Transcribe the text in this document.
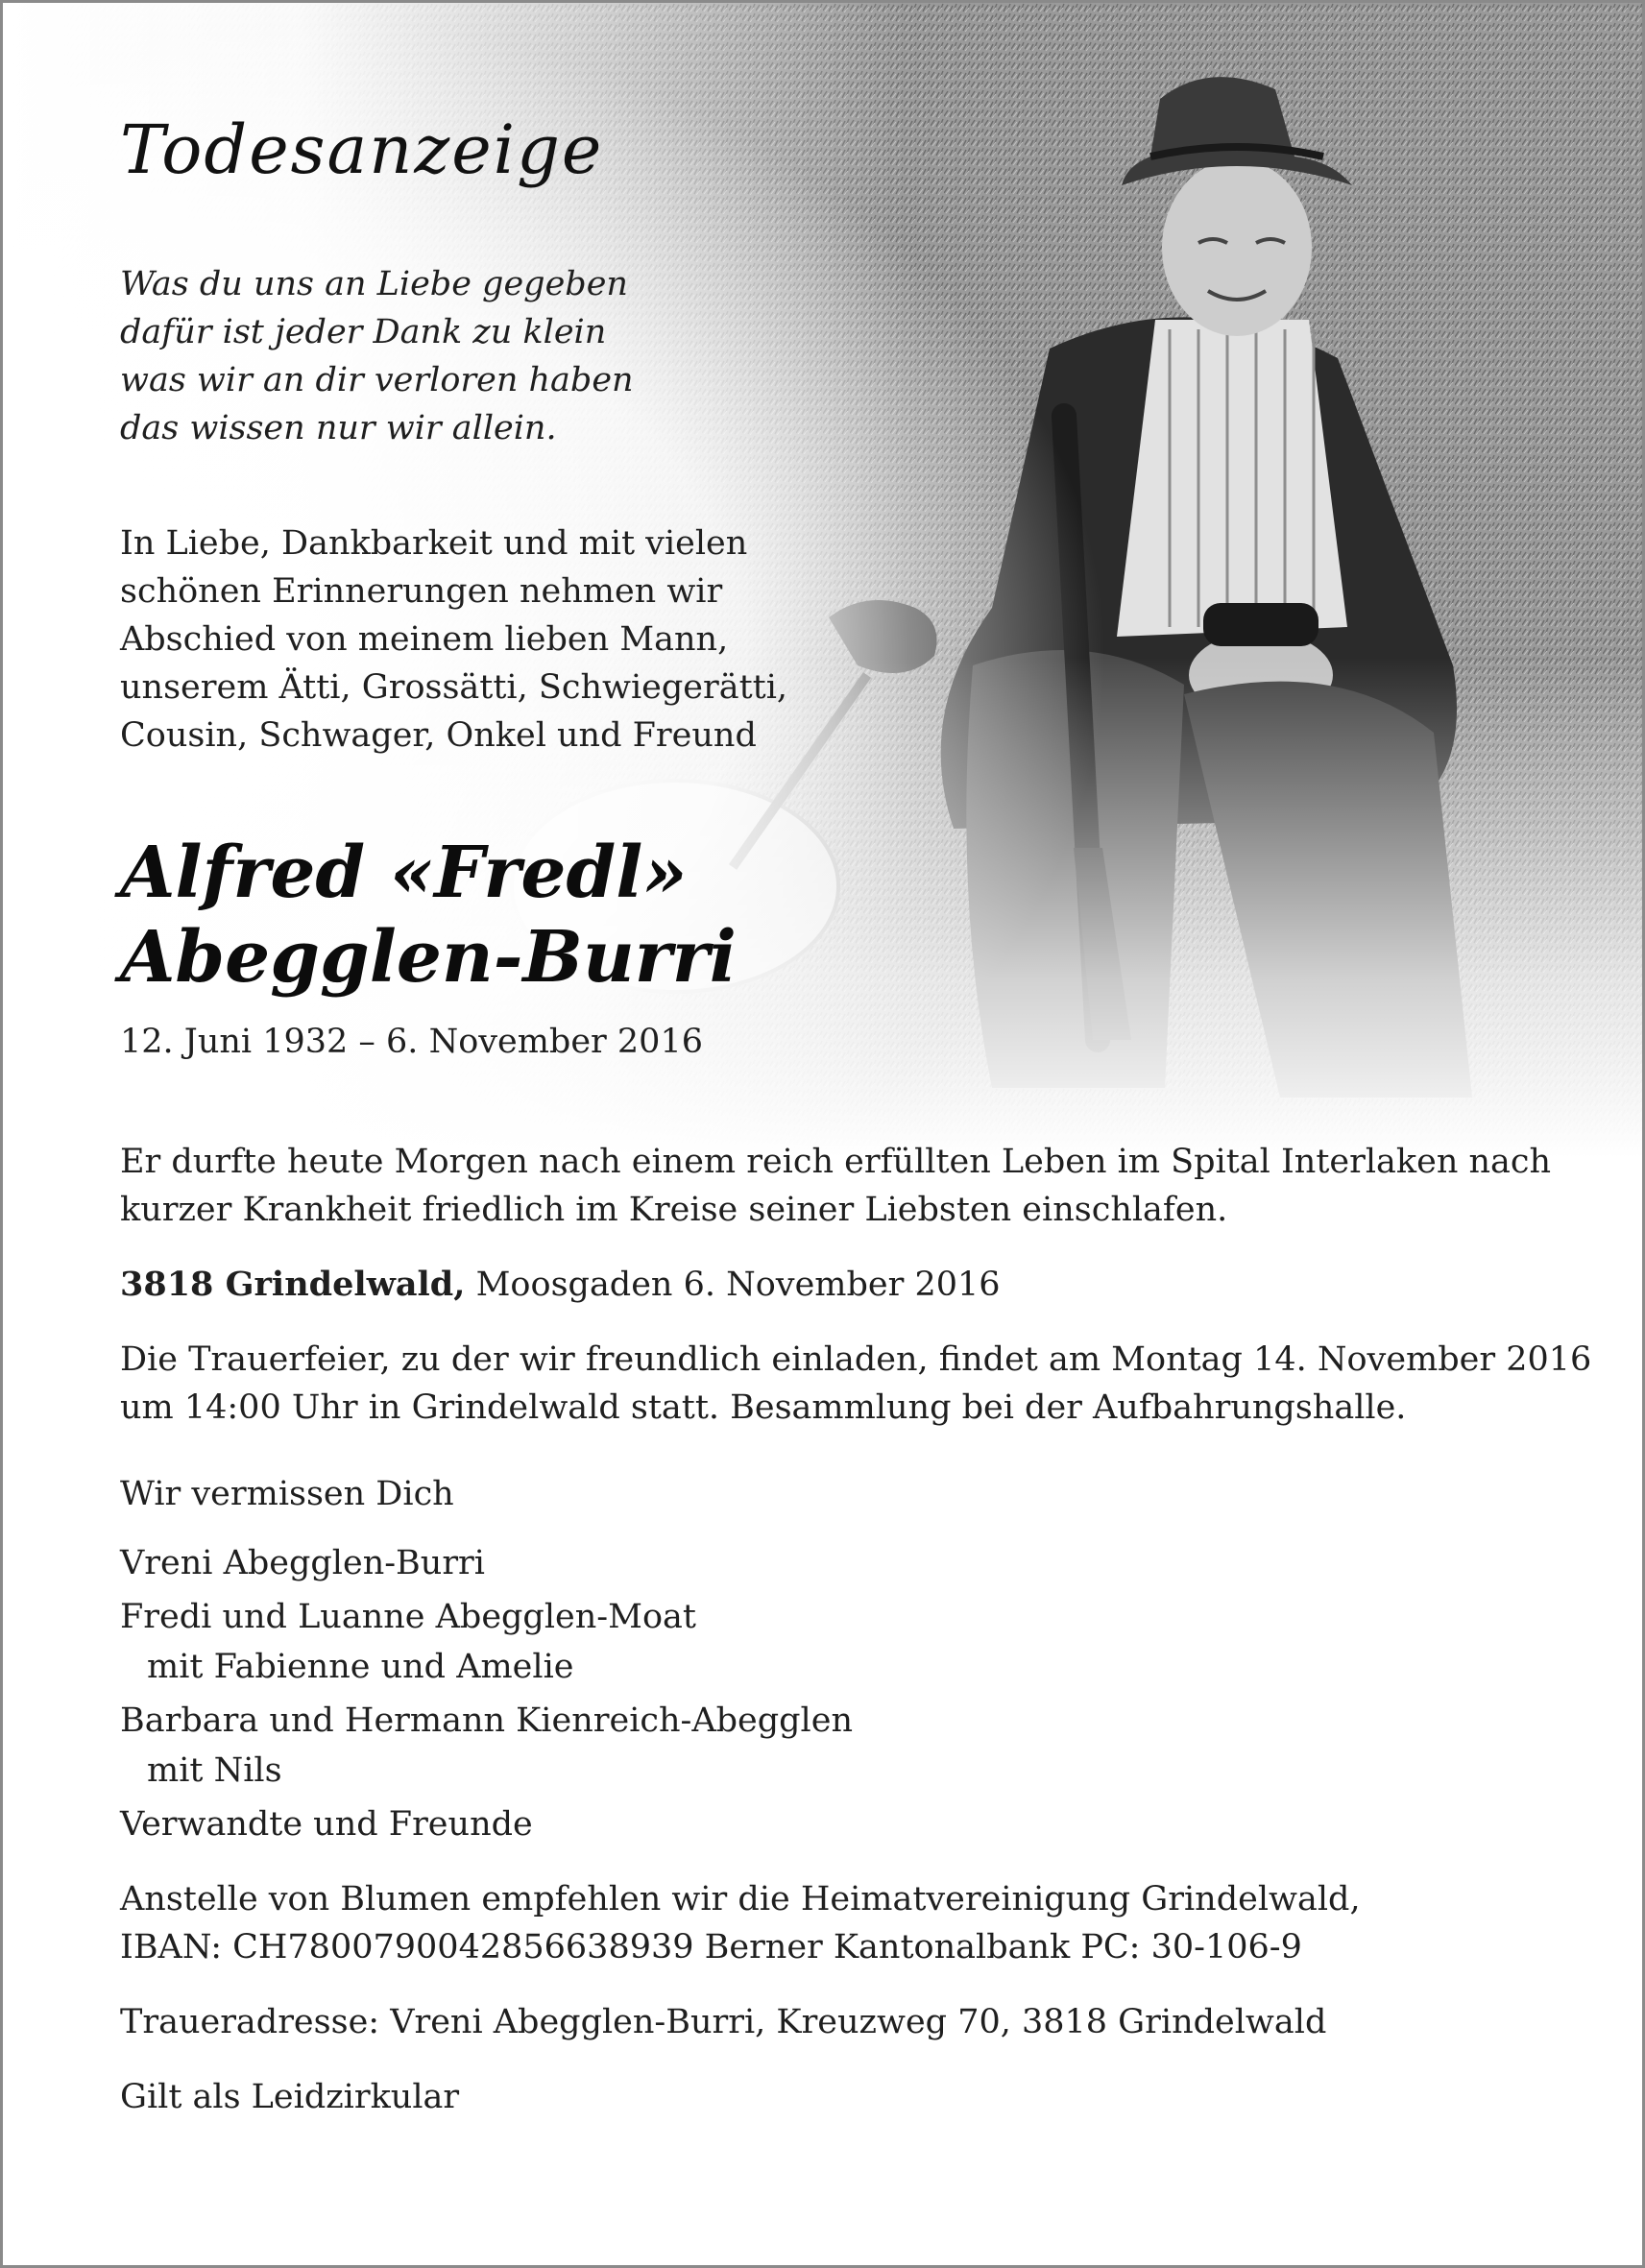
Todesanzeige
Was du uns an Liebe gegeben
dafür ist jeder Dank zu klein
was wir an dir verloren haben
das wissen nur wir allein.
In Liebe, Dankbarkeit und mit vielen
schönen Erinnerungen nehmen wir
Abschied von meinem lieben Mann,
unserem Ätti, Grossätti, Schwiegerätti,
Cousin, Schwager, Onkel und Freund
Alfred «Fredl»
Abegglen-Burri
12. Juni 1932 – 6. November 2016
Er durfte heute Morgen nach einem reich erfüllten Leben im Spital Interlaken nach
kurzer Krankheit friedlich im Kreise seiner Liebsten einschlafen.
3818 Grindelwald, Moosgaden 6. November 2016
Die Trauerfeier, zu der wir freundlich einladen, findet am Montag 14. November 2016
um 14:00 Uhr in Grindelwald statt. Besammlung bei der Aufbahrungshalle.
Wir vermissen Dich
Vreni Abegglen-Burri
Fredi und Luanne Abegglen-Moat
mit Fabienne und Amelie
Barbara und Hermann Kienreich-Abegglen
mit Nils
Verwandte und Freunde
Anstelle von Blumen empfehlen wir die Heimatvereinigung Grindelwald,
IBAN: CH7800790042856638939 Berner Kantonalbank PC: 30-106-9
Traueradresse: Vreni Abegglen-Burri, Kreuzweg 70, 3818 Grindelwald
Gilt als Leidzirkular
